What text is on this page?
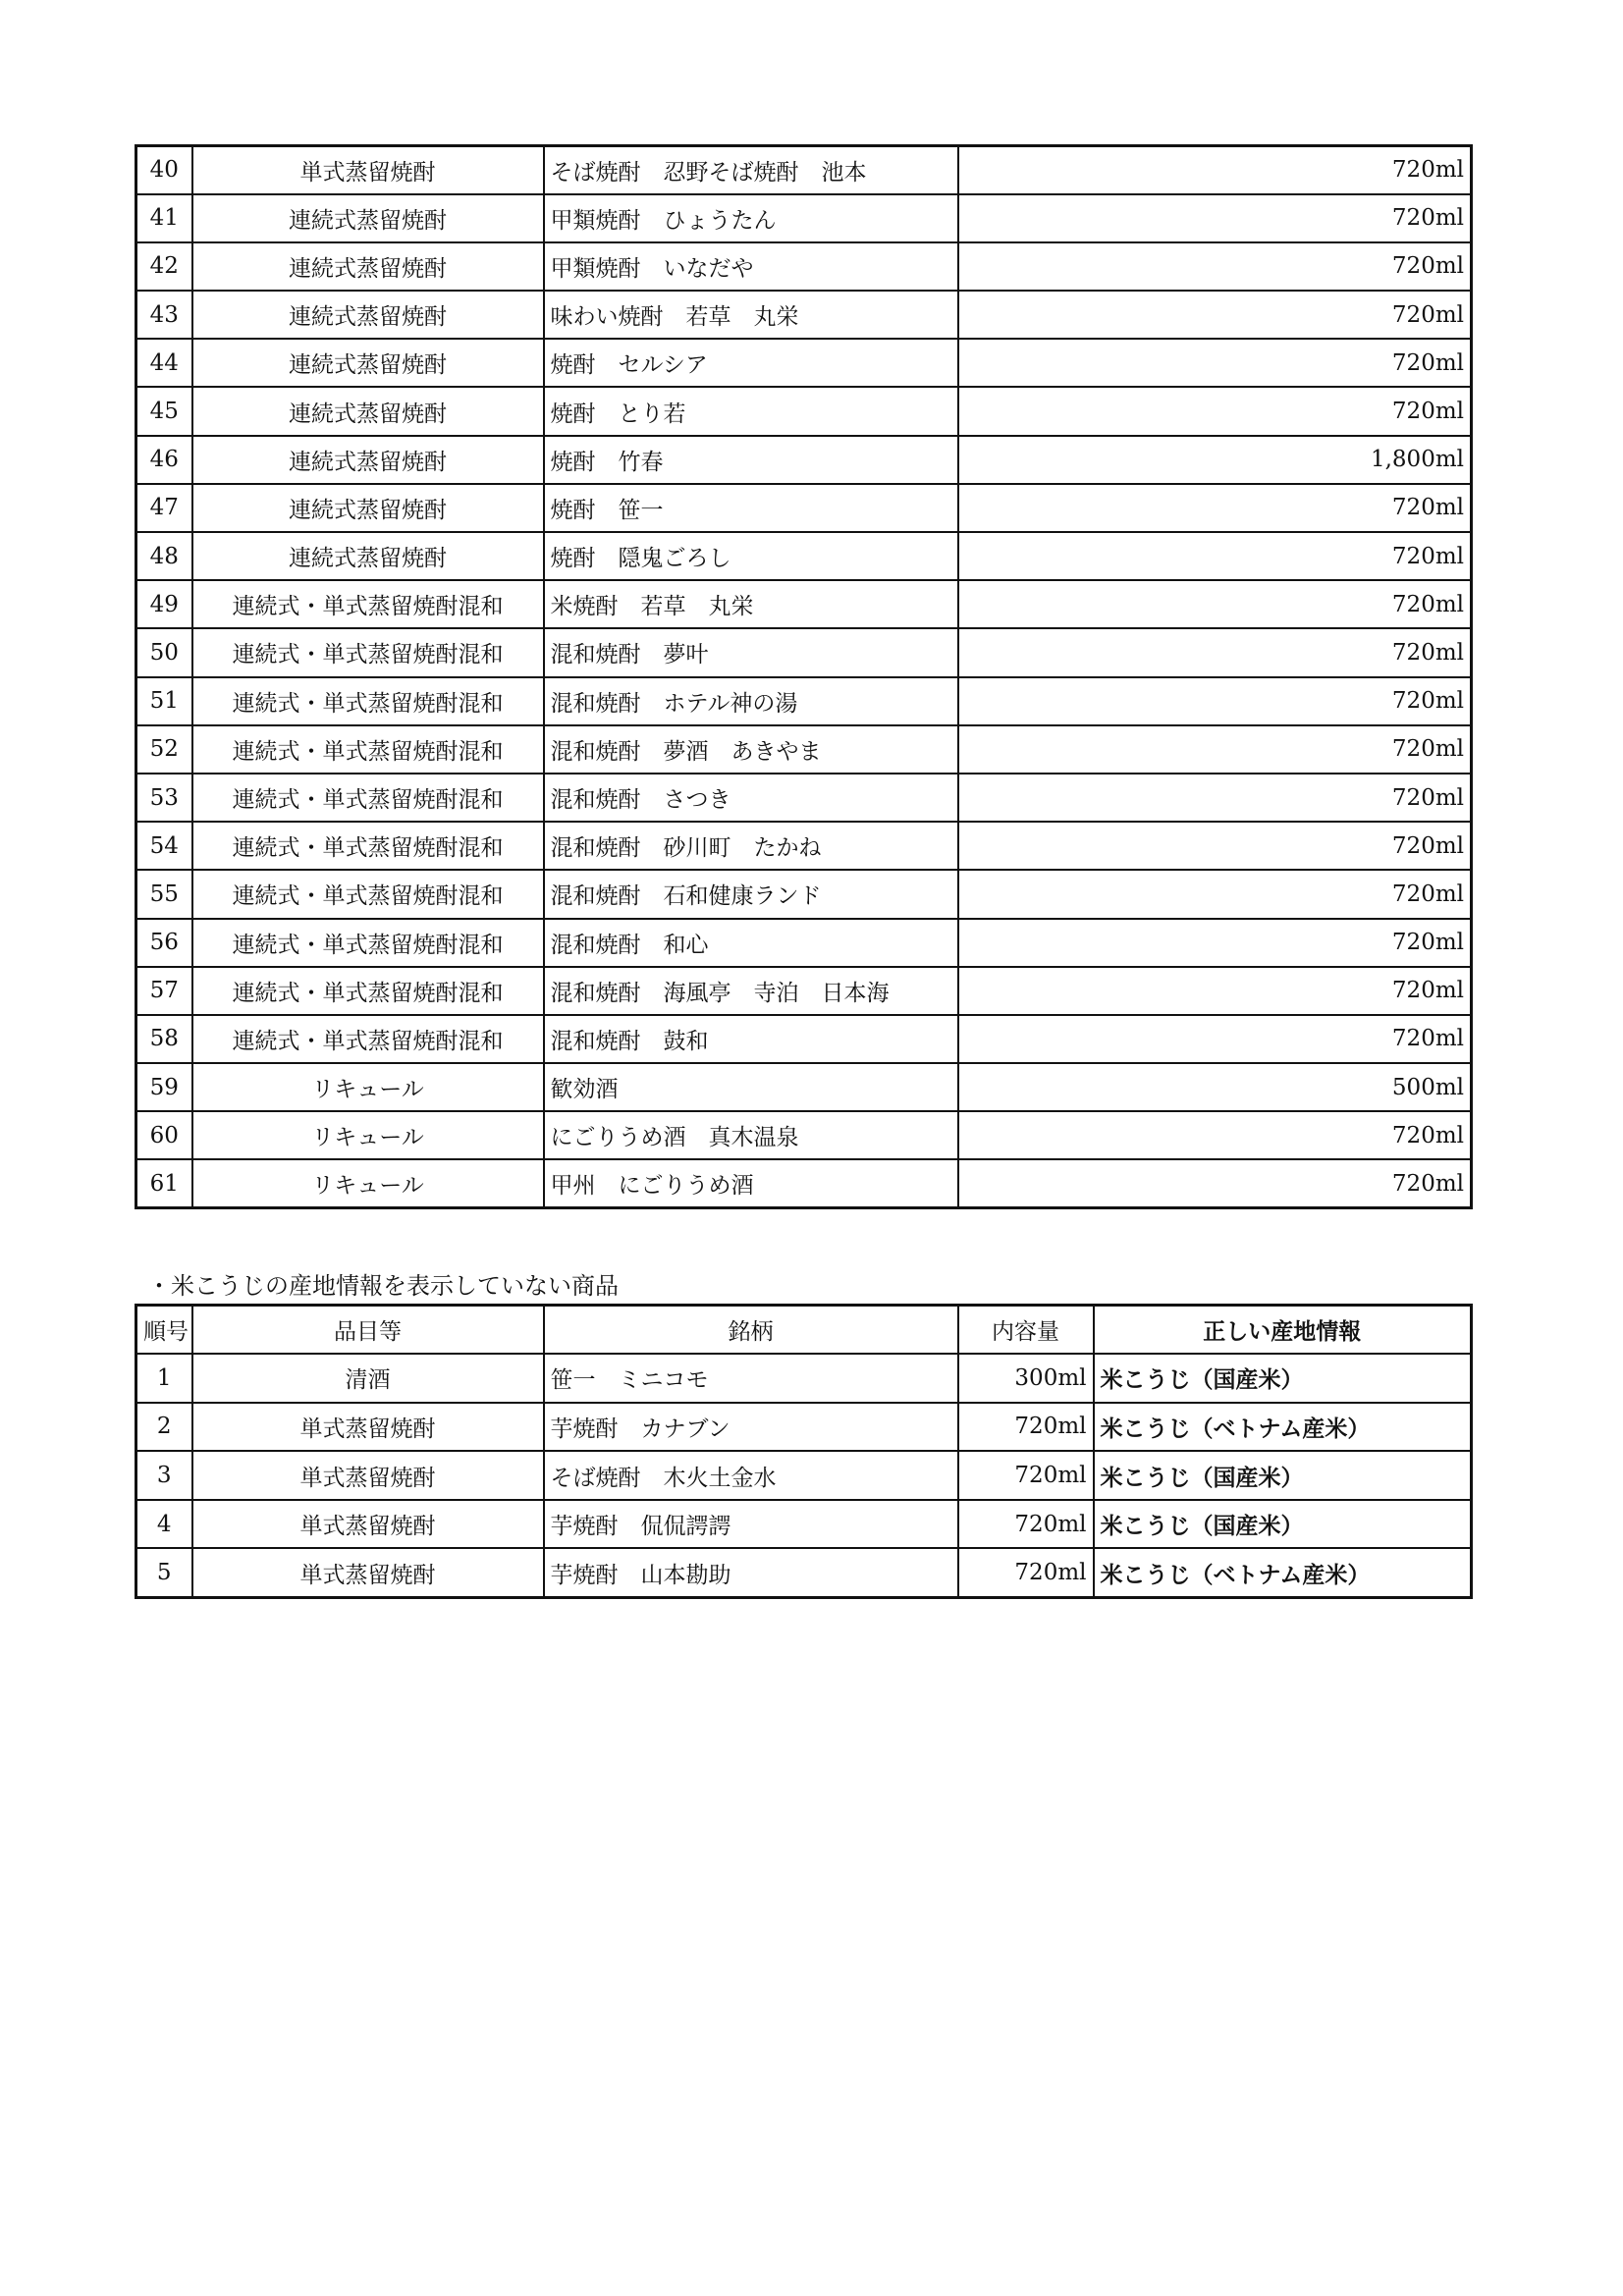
40	単式蒸留焼酎	そば焼酎　忍野そば焼酎　池本	720ml
41	連続式蒸留焼酎	甲類焼酎　ひょうたん	720ml
42	連続式蒸留焼酎	甲類焼酎　いなだや	720ml
43	連続式蒸留焼酎	味わい焼酎　若草　丸栄	720ml
44	連続式蒸留焼酎	焼酎　セルシア	720ml
45	連続式蒸留焼酎	焼酎　とり若	720ml
46	連続式蒸留焼酎	焼酎　竹春	1,800ml
47	連続式蒸留焼酎	焼酎　笹一	720ml
48	連続式蒸留焼酎	焼酎　隠鬼ごろし	720ml
49	連続式・単式蒸留焼酎混和	米焼酎　若草　丸栄	720ml
50	連続式・単式蒸留焼酎混和	混和焼酎　夢叶	720ml
51	連続式・単式蒸留焼酎混和	混和焼酎　ホテル神の湯	720ml
52	連続式・単式蒸留焼酎混和	混和焼酎　夢酒　あきやま	720ml
53	連続式・単式蒸留焼酎混和	混和焼酎　さつき	720ml
54	連続式・単式蒸留焼酎混和	混和焼酎　砂川町　たかね	720ml
55	連続式・単式蒸留焼酎混和	混和焼酎　石和健康ランド	720ml
56	連続式・単式蒸留焼酎混和	混和焼酎　和心	720ml
57	連続式・単式蒸留焼酎混和	混和焼酎　海風亭　寺泊　日本海	720ml
58	連続式・単式蒸留焼酎混和	混和焼酎　鼓和	720ml
59	リキュール	歓効酒	500ml
60	リキュール	にごりうめ酒　真木温泉	720ml
61	リキュール	甲州　にごりうめ酒	720ml
・米こうじの産地情報を表示していない商品
順号	品目等	銘柄	内容量	正しい産地情報
1	清酒	笹一　ミニコモ	300ml	米こうじ（国産米）
2	単式蒸留焼酎	芋焼酎　カナブン	720ml	米こうじ（ベトナム産米）
3	単式蒸留焼酎	そば焼酎　木火土金水	720ml	米こうじ（国産米）
4	単式蒸留焼酎	芋焼酎　侃侃諤諤	720ml	米こうじ（国産米）
5	単式蒸留焼酎	芋焼酎　山本勘助	720ml	米こうじ（ベトナム産米）
